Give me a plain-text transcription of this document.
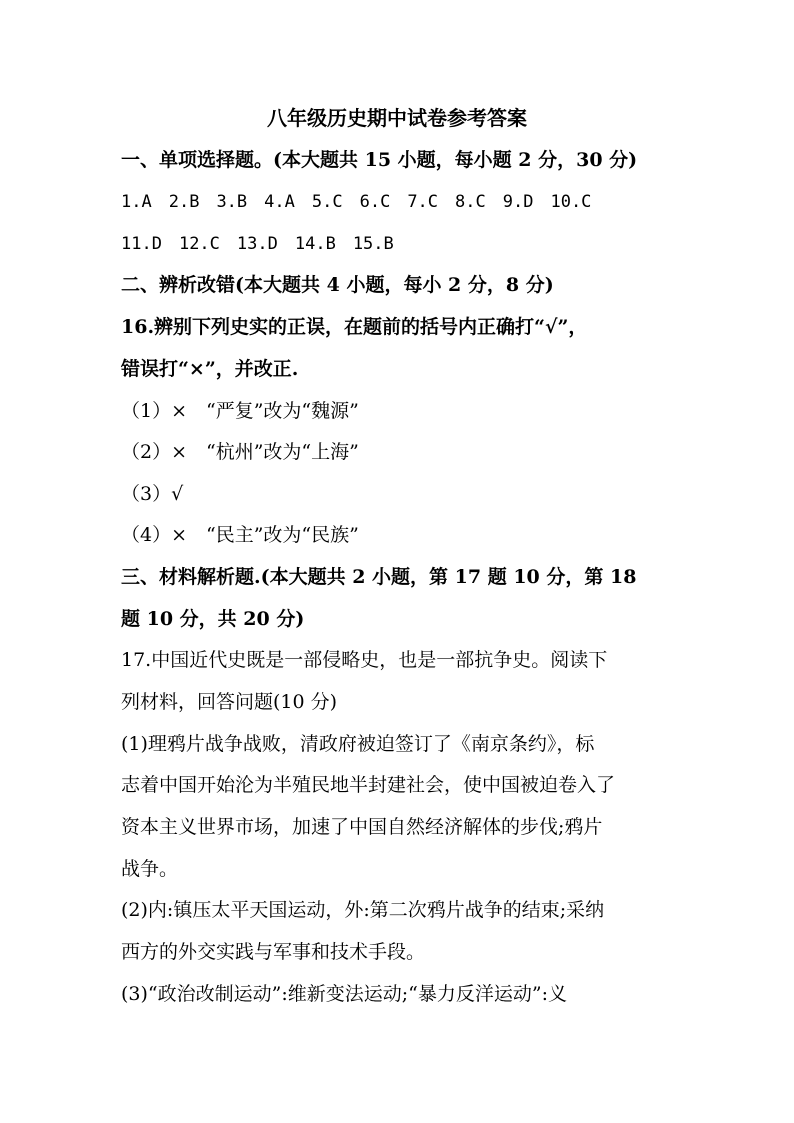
八年级历史期中试卷参考答案
一、单项选择题。(本大题共 15 小题，每小题 2 分，30 分)
1.A 2.B 3.B 4.A 5.C 6.C 7.C 8.C 9.D 10.C
11.D 12.C 13.D 14.B 15.B
二、辨析改错(本大题共 4 小题，每小 2 分，8 分)
16.辨别下列史实的正误，在题前的括号内正确打“√”，
错误打“×”，并改正.
（1）×　“严复”改为“魏源”
（2）×　“杭州”改为“上海”
（3）√
（4）×　“民主”改为“民族”
三、材料解析题.(本大题共 2 小题，第 17 题 10 分，第 18
题 10 分，共 20 分)
17.中国近代史既是一部侵略史，也是一部抗争史。阅读下
列材料，回答问题(10 分)
(1)理鸦片战争战败，清政府被迫签订了《南京条约》，标
志着中国开始沦为半殖民地半封建社会，使中国被迫卷入了
资本主义世界市场，加速了中国自然经济解体的步伐;鸦片
战争。
(2)内:镇压太平天国运动，外:第二次鸦片战争的结束;采纳
西方的外交实践与军事和技术手段。
(3)“政治改制运动”:维新变法运动;“暴力反洋运动”:义
